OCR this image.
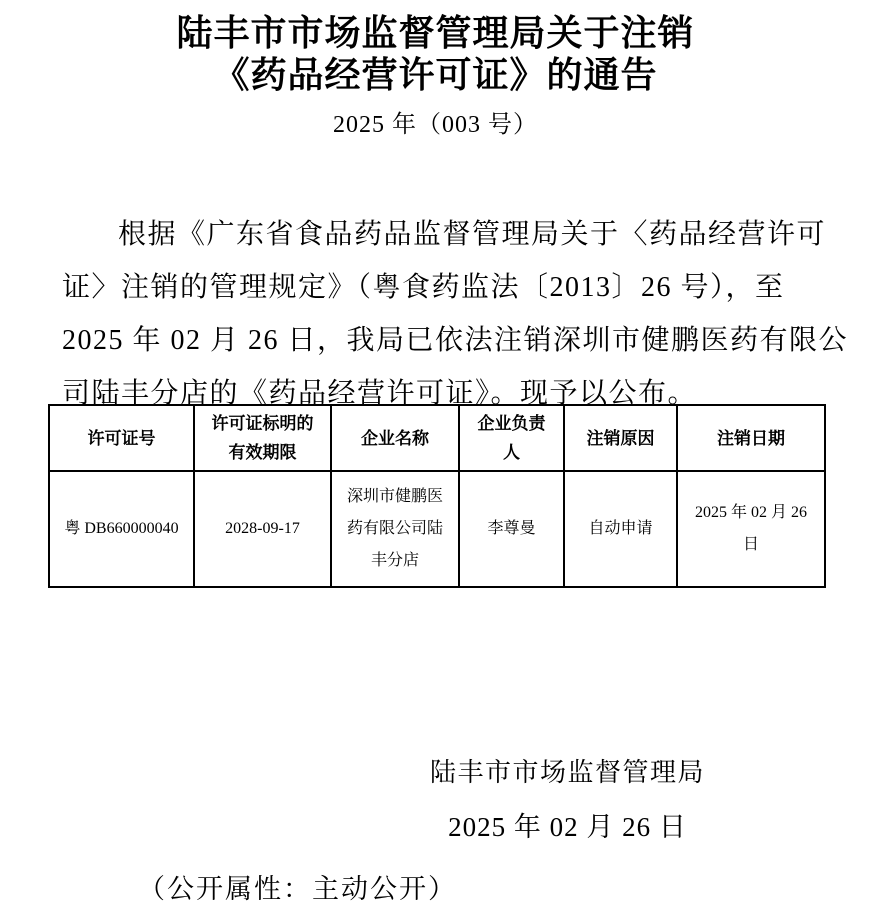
陆丰市市场监督管理局关于注销
《药品经营许可证》的通告
2025 年（003 号）
根据《广东省食品药品监督管理局关于〈药品经营许可
证〉注销的管理规定》（粤食药监法〔2013〕26 号），至
2025 年 02 月 26 日，我局已依法注销深圳市健鹏医药有限公
司陆丰分店的《药品经营许可证》。现予以公布。
许可证号	许可证标明的有效期限	企业名称	企业负责人	注销原因	注销日期
粤 DB660000040	2028-09-17	深圳市健鹏医药有限公司陆丰分店	李尊曼	自动申请	2025 年 02 月 26 日
陆丰市市场监督管理局
2025 年 02 月 26 日
（公开属性：主动公开）
